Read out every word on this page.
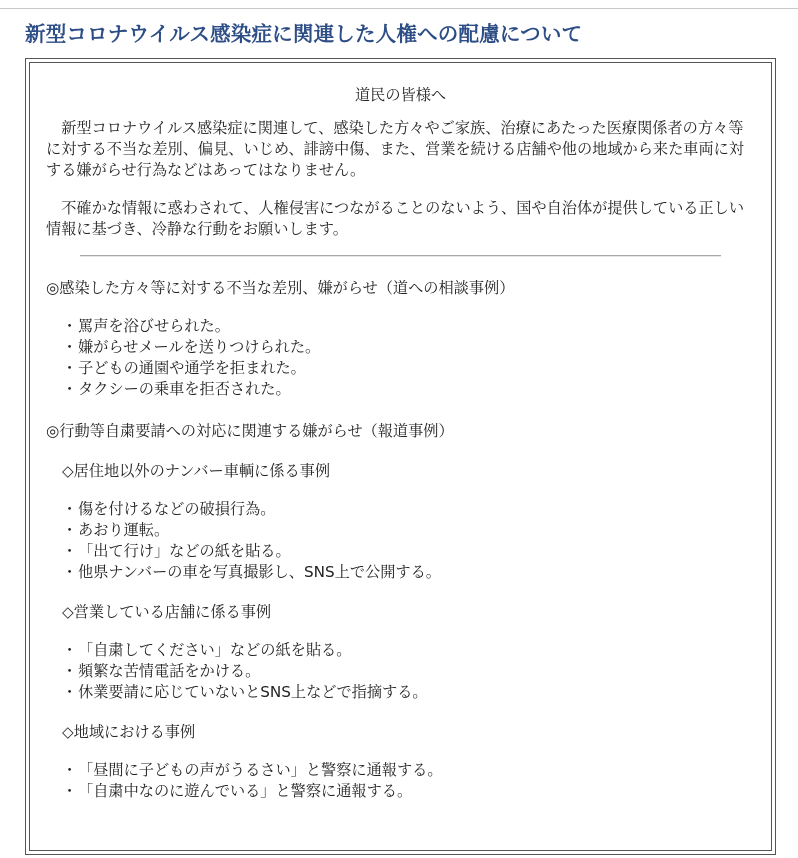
新型コロナウイルス感染症に関連した人権への配慮について

道民の皆様へ

新型コロナウイルス感染症に関連して、感染した方々やご家族、治療にあたった医療関係者の方々等に対する不当な差別、偏見、いじめ、誹謗中傷、また、営業を続ける店舗や他の地域から来た車両に対する嫌がらせ行為などはあってはなりません。

不確かな情報に惑わされて、人権侵害につながることのないよう、国や自治体が提供している正しい情報に基づき、冷静な行動をお願いします。

◎感染した方々等に対する不当な差別、嫌がらせ（道への相談事例）

・罵声を浴びせられた。
・嫌がらせメールを送りつけられた。
・子どもの通園や通学を拒まれた。
・タクシーの乗車を拒否された。

◎行動等自粛要請への対応に関連する嫌がらせ（報道事例）

◇居住地以外のナンバー車輌に係る事例

・傷を付けるなどの破損行為。
・あおり運転。
・「出て行け」などの紙を貼る。
・他県ナンバーの車を写真撮影し、SNS上で公開する。

◇営業している店舗に係る事例

・「自粛してください」などの紙を貼る。
・頻繁な苦情電話をかける。
・休業要請に応じていないとSNS上などで指摘する。

◇地域における事例

・「昼間に子どもの声がうるさい」と警察に通報する。
・「自粛中なのに遊んでいる」と警察に通報する。
